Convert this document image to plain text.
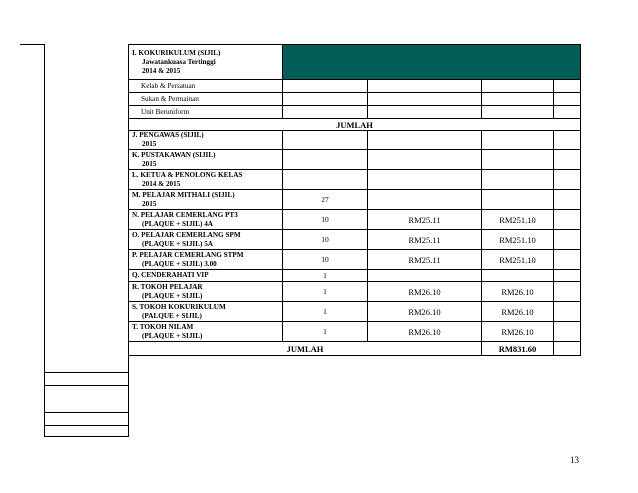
I. KOKURIKULUM (SIJIL)
Jawatankuasa Tertinggi
2014 & 2015				

Kelab & Persatuan				
Sukan & Permainan				
Unit Beruniform				
JUMLAH				
J. PENGAWAS (SIJIL)
2015				

K. PUSTAKAWAN (SIJIL)
2015				

L. KETUA & PENOLONG KELAS
2014 & 2015				

M. PELAJAR MITHALI (SIJIL)
2015	27			
N. PELAJAR CEMERLANG PT3
(PLAQUE + SIJIL) 4A	10	RM25.11	RM251.10	
O. PELAJAR CEMERLANG SPM
(PLAQUE + SIJIL) 5A	10	RM25.11	RM251.10	
P. PELAJAR CEMERLANG STPM
(PLAQUE + SIJIL) 3.00	10	RM25.11	RM251.10	
Q. CENDERAHATI VIP	1			
R. TOKOH PELAJAR
(PLAQUE + SIJIL)	1	RM26.10	RM26.10	
S. TOKOH KOKURIKULUM
(PALQUE + SIJIL)	1	RM26.10	RM26.10	
T. TOKOH NILAM
(PLAQUE + SIJIL)	1	RM26.10	RM26.10	
JUMLAH			RM831.60	
13
